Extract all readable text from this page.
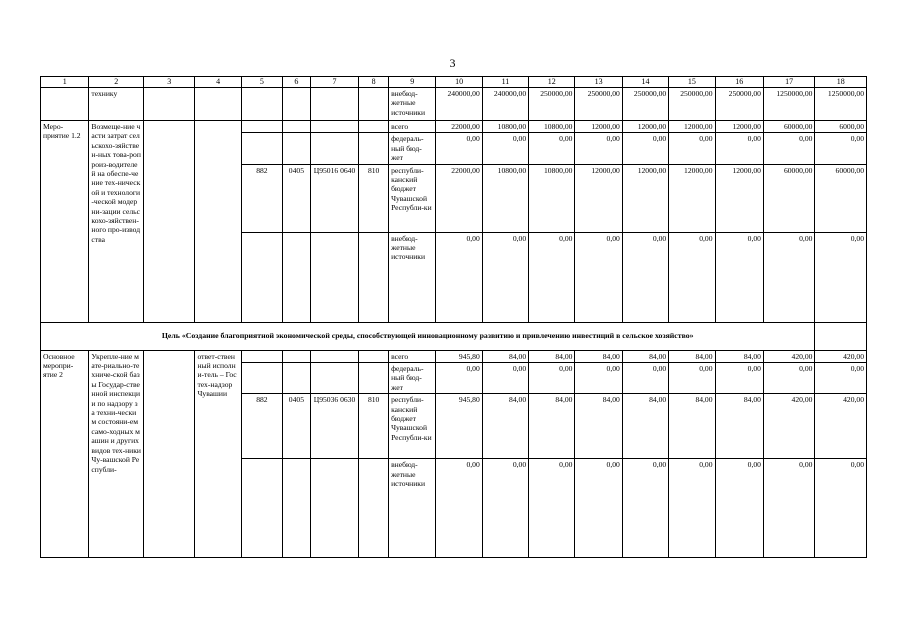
3
1	2	3	4	5	6	7	8	9	10	11	12	13	14	15	16	17	18
	технику							внебюд-жетные источники	240000,00	240000,00	250000,00	250000,00	250000,00	250000,00	250000,00	1250000,00	1250000,00
Меро-приятие 1.2	Возмеще-ние части затрат сельскохо-зяйствен-ных това-ропроиз-водителей на обеспе-чение тех-нической и технологи-ческой модерни-зации сельскохо-зяйствен-ного про-изводства							всего	22000,00	10800,00	10800,00	12000,00	12000,00	12000,00	12000,00	60000,00	6000,00
								федераль-ный бюд-жет	0,00	0,00	0,00	0,00	0,00	0,00	0,00	0,00	0,00
				882	0405	Ц95016 0640	810	республи-канский бюджет Чувашской Республи-ки	22000,00	10800,00	10800,00	12000,00	12000,00	12000,00	12000,00	60000,00	60000,00
								внебюд-жетные источники	0,00	0,00	0,00	0,00	0,00	0,00	0,00	0,00	0,00
Цель «Создание благоприятной экономической среды, способствующей инновационному развитию и привлечению инвестиций в сельское хозяйство»																	
Основное меропри-ятие 2	Укрепле-ние мате-риально-техниче-ской базы Государ-ственной инспекции по надзору за техни-ческим состояни-ем само-ходных машин и других видов тех-ники Чу-вашской Республи-		ответ-ственный исполни-тель – Гостех-надзор Чувашии					всего	945,80	84,00	84,00	84,00	84,00	84,00	84,00	420,00	420,00
								федераль-ный бюд-жет	0,00	0,00	0,00	0,00	0,00	0,00	0,00	0,00	0,00
				882	0405	Ц95036 0630	810	республи-канский бюджет Чувашской Республи-ки	945,80	84,00	84,00	84,00	84,00	84,00	84,00	420,00	420,00
								внебюд-жетные источники	0,00	0,00	0,00	0,00	0,00	0,00	0,00	0,00	0,00
